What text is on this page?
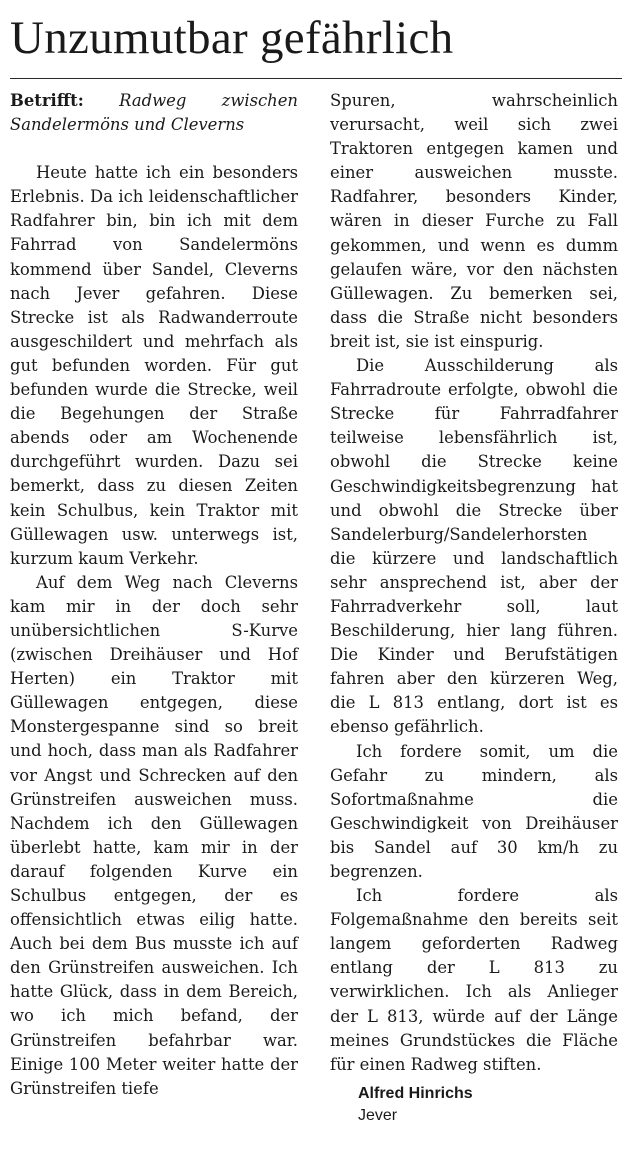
Unzumutbar gefährlich

Betrifft: Radweg zwischen Sandelermöns und Cleverns

Heute hatte ich ein besonders Erlebnis. Da ich leidenschaftlicher Radfahrer bin, bin ich mit dem Fahrrad von Sandelermöns kommend über Sandel, Cleverns nach Jever gefahren. Diese Strecke ist als Radwanderroute ausgeschildert und mehrfach als gut befunden worden. Für gut befunden wurde die Strecke, weil die Begehungen der Straße abends oder am Wochenende durchgeführt wurden. Dazu sei bemerkt, dass zu diesen Zeiten kein Schulbus, kein Traktor mit Güllewagen usw. unterwegs ist, kurzum kaum Verkehr.

Auf dem Weg nach Cleverns kam mir in der doch sehr unübersichtlichen S-Kurve (zwischen Dreihäuser und Hof Herten) ein Traktor mit Güllewagen entgegen, diese Monstergespanne sind so breit und hoch, dass man als Radfahrer vor Angst und Schrecken auf den Grünstreifen ausweichen muss. Nachdem ich den Güllewagen überlebt hatte, kam mir in der darauf folgenden Kurve ein Schulbus entgegen, der es offensichtlich etwas eilig hatte. Auch bei dem Bus musste ich auf den Grünstreifen ausweichen. Ich hatte Glück, dass in dem Bereich, wo ich mich befand, der Grünstreifen befahrbar war. Einige 100 Meter weiter hatte der Grünstreifen tiefe

Spuren, wahrscheinlich verursacht, weil sich zwei Traktoren entgegen kamen und einer ausweichen musste. Radfahrer, besonders Kinder, wären in dieser Furche zu Fall gekommen, und wenn es dumm gelaufen wäre, vor den nächsten Güllewagen. Zu bemerken sei, dass die Straße nicht besonders breit ist, sie ist einspurig.

Die Ausschilderung als Fahrradroute erfolgte, obwohl die Strecke für Fahrradfahrer teilweise lebensfährlich ist, obwohl die Strecke keine Geschwindigkeitsbegrenzung hat und obwohl die Strecke über Sandelerburg/Sandelerhorsten die kürzere und landschaftlich sehr ansprechend ist, aber der Fahrradverkehr soll, laut Beschilderung, hier lang führen. Die Kinder und Berufstätigen fahren aber den kürzeren Weg, die L 813 entlang, dort ist es ebenso gefährlich.

Ich fordere somit, um die Gefahr zu mindern, als Sofortmaßnahme die Geschwindigkeit von Dreihäuser bis Sandel auf 30 km/h zu begrenzen.

Ich fordere als Folgemaßnahme den bereits seit langem geforderten Radweg entlang der L 813 zu verwirklichen. Ich als Anlieger der L 813, würde auf der Länge meines Grundstückes die Fläche für einen Radweg stiften.

Alfred Hinrichs
Jever
